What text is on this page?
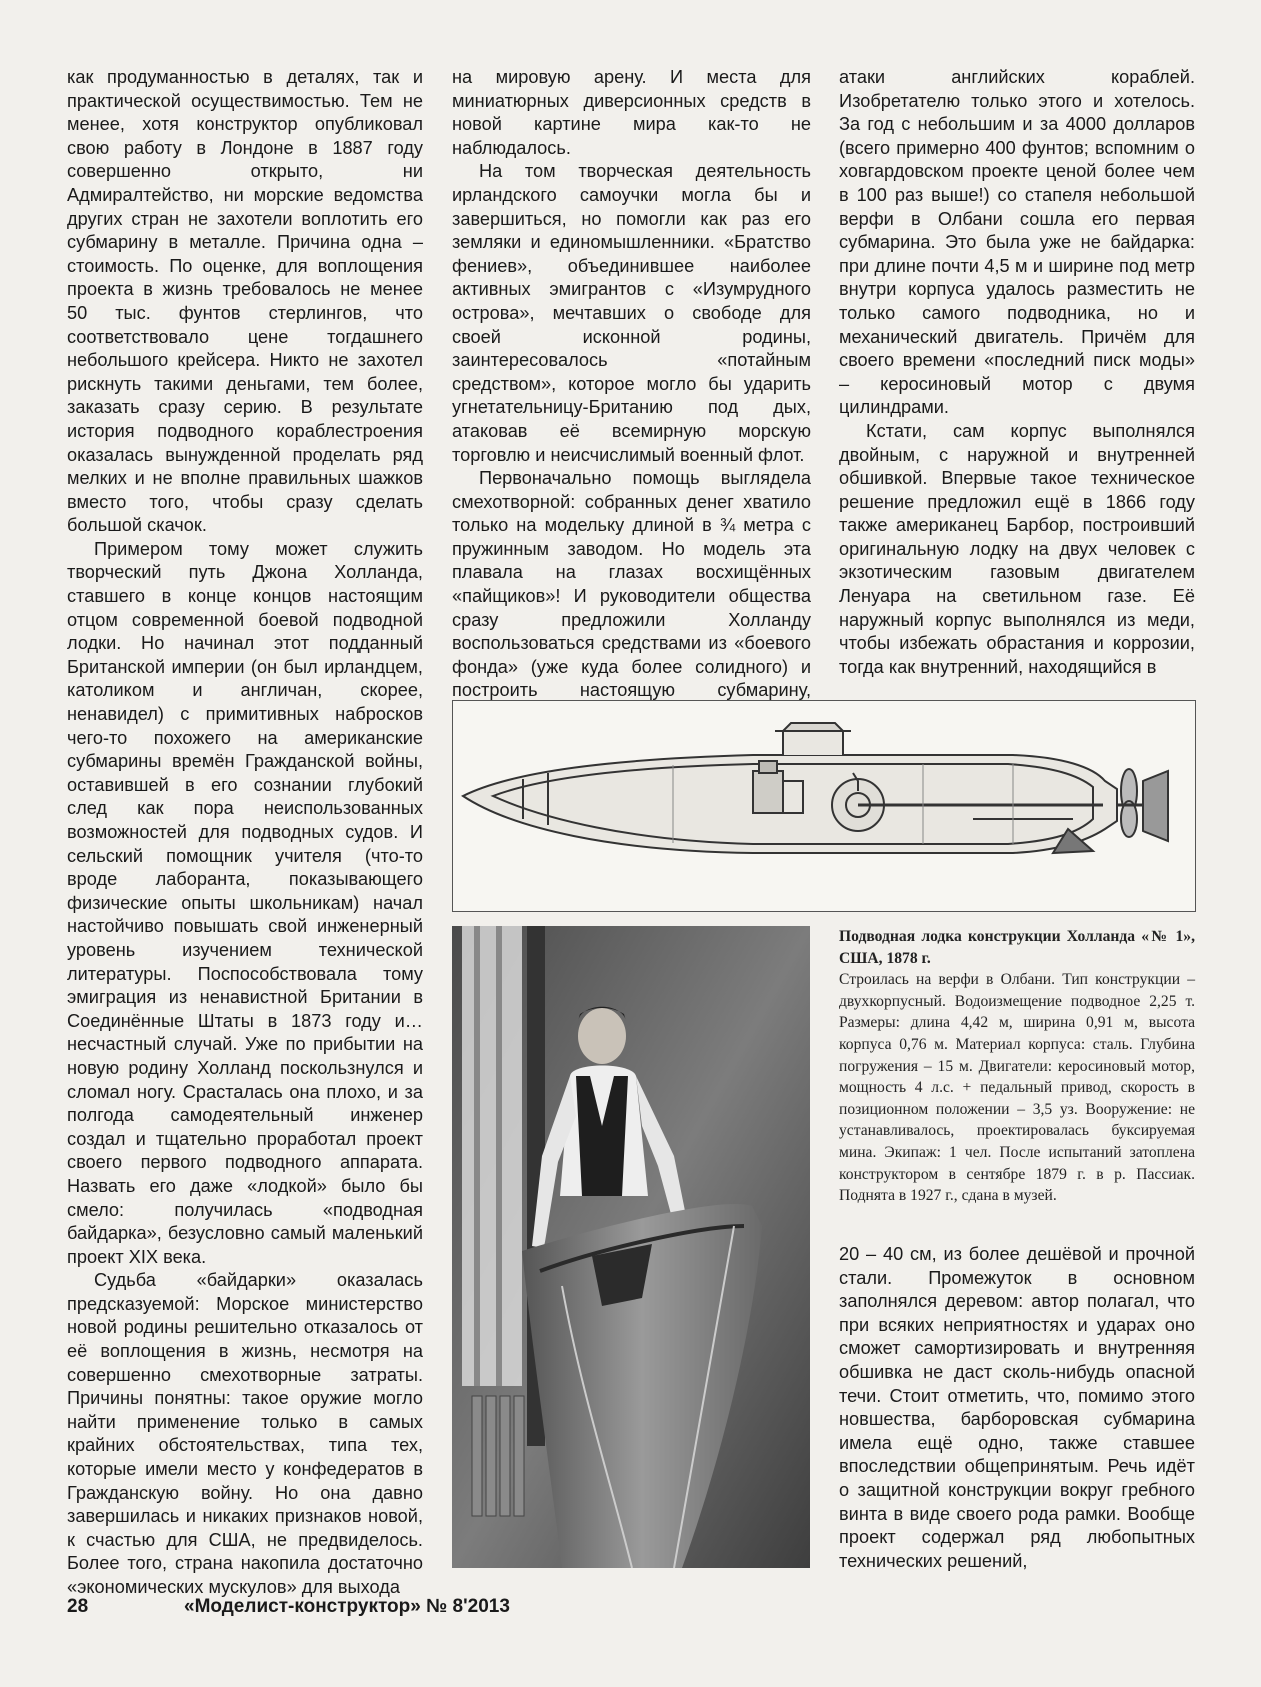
как продуманностью в деталях, так и практической осуществимостью. Тем не менее, хотя конструктор опубликовал свою работу в Лондоне в 1887 году совершенно открыто, ни Адмиралтейство, ни морские ведомства других стран не захотели воплотить его субмарину в металле. Причина одна – стоимость. По оценке, для воплощения проекта в жизнь требовалось не менее 50 тыс. фунтов стерлингов, что соответствовало цене тогдашнего небольшого крейсера. Никто не захотел рискнуть такими деньгами, тем более, заказать сразу серию. В результате история подводного кораблестроения оказалась вынужденной проделать ряд мелких и не вполне правильных шажков вместо того, чтобы сразу сделать большой скачок.

Примером тому может служить творческий путь Джона Холланда, ставшего в конце концов настоящим отцом современной боевой подводной лодки. Но начинал этот подданный Британской империи (он был ирландцем, католиком и англичан, скорее, ненавидел) с примитивных набросков чего-то похожего на американские субмарины времён Гражданской войны, оставившей в его сознании глубокий след как пора неиспользованных возможностей для подводных судов. И сельский помощник учителя (что-то вроде лаборанта, показывающего физические опыты школьникам) начал настойчиво повышать свой инженерный уровень изучением технической литературы. Поспособствовала тому эмиграция из ненавистной Британии в Соединённые Штаты в 1873 году и… несчастный случай. Уже по прибытии на новую родину Холланд поскользнулся и сломал ногу. Срасталась она плохо, и за полгода самодеятельный инженер создал и тщательно проработал проект своего первого подводного аппарата. Назвать его даже «лодкой» было бы смело: получилась «подводная байдарка», безусловно самый маленький проект XIX века.

Судьба «байдарки» оказалась предсказуемой: Морское министерство новой родины решительно отказалось от её воплощения в жизнь, несмотря на совершенно смехотворные затраты. Причины понятны: такое оружие могло найти применение только в самых крайних обстоятельствах, типа тех, которые имели место у конфедератов в Гражданскую войну. Но она давно завершилась и никаких признаков новой, к счастью для США, не предвиделось. Более того, страна накопила достаточно «экономических мускулов» для выхода

на мировую арену. И места для миниатюрных диверсионных средств в новой картине мира как-то не наблюдалось.

На том творческая деятельность ирландского самоучки могла бы и завершиться, но помогли как раз его земляки и единомышленники. «Братство фениев», объединившее наиболее активных эмигрантов с «Изумрудного острова», мечтавших о свободе для своей исконной родины, заинтересовалось «потайным средством», которое могло бы ударить угнетательницу-Британию под дых, атаковав её всемирную морскую торговлю и неисчислимый военный флот.

Первоначально помощь выглядела смехотворной: собранных денег хватило только на модельку длиной в ¾ метра с пружинным заводом. Но модель эта плавала на глазах восхищённых «пайщиков»! И руководители общества сразу предложили Холланду воспользоваться средствами из «боевого фонда» (уже куда более солидного) и построить настоящую субмарину,

атаки английских кораблей. Изобретателю только этого и хотелось. За год с небольшим и за 4000 долларов (всего примерно 400 фунтов; вспомним о ховгардовском проекте ценой более чем в 100 раз выше!) со стапеля небольшой верфи в Олбани сошла его первая субмарина. Это была уже не байдарка: при длине почти 4,5 м и ширине под метр внутри корпуса удалось разместить не только самого подводника, но и механический двигатель. Причём для своего времени «последний писк моды» – керосиновый мотор с двумя цилиндрами.

Кстати, сам корпус выполнялся двойным, с наружной и внутренней обшивкой. Впервые такое техническое решение предложил ещё в 1866 году также американец Барбор, построивший оригинальную лодку на двух человек с экзотическим газовым двигателем Ленуара на светильном газе. Её наружный корпус выполнялся из меди, чтобы избежать обрастания и коррозии, тогда как внутренний, находящийся в

Подводная лодка конструкции Холланда «№ 1», США, 1878 г.
Строилась на верфи в Олбани. Тип конструкции – двухкорпусный. Водоизмещение подводное 2,25 т. Размеры: длина 4,42 м, ширина 0,91 м, высота корпуса 0,76 м. Материал корпуса: сталь. Глубина погружения – 15 м. Двигатели: керосиновый мотор, мощность 4 л.с. + педальный привод, скорость в позиционном положении – 3,5 уз. Вооружение: не устанавливалось, проектировалась буксируемая мина. Экипаж: 1 чел. После испытаний затоплена конструктором в сентябре 1879 г. в р. Пассиак. Поднята в 1927 г., сдана в музей.

20 – 40 см, из более дешёвой и прочной стали. Промежуток в основном заполнялся деревом: автор полагал, что при всяких неприятностях и ударах оно сможет самортизировать и внутренняя обшивка не даст сколь-нибудь опасной течи. Стоит отметить, что, помимо этого новшества, барборовская субмарина имела ещё одно, также ставшее впоследствии общепринятым. Речь идёт о защитной конструкции вокруг гребного винта в виде своего рода рамки. Вообще проект содержал ряд любопытных технических решений,

28	«Моделист-конструктор» № 8'2013
